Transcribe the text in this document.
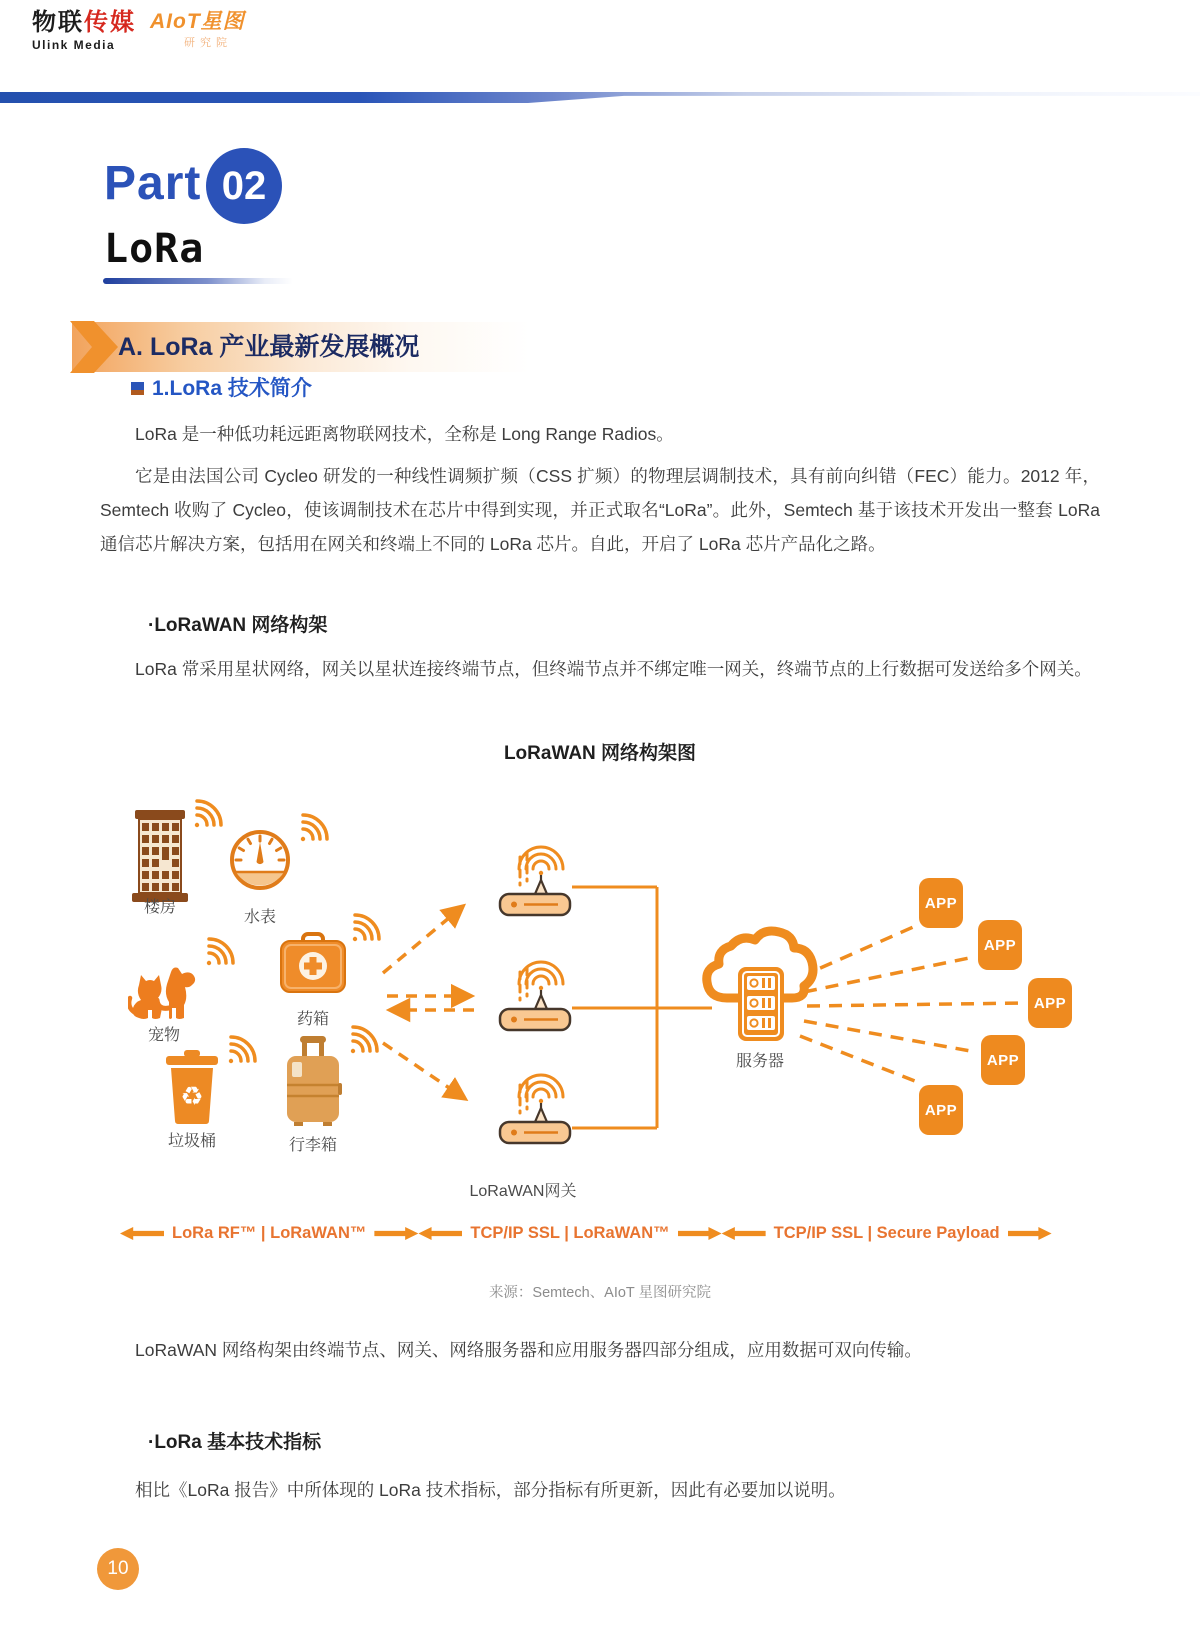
物联传媒
Ulink Media
AIoT星图
研究院
Part 02
LoRa
A. LoRa 产业最新发展概况
1.LoRa 技术简介
LoRa 是一种低功耗远距离物联网技术，全称是 Long Range Radios。
它是由法国公司 Cycleo 研发的一种线性调频扩频（CSS 扩频）的物理层调制技术，具有前向纠错（FEC）能力。2012 年，Semtech 收购了 Cycleo，使该调制技术在芯片中得到实现，并正式取名“LoRa”。此外，Semtech 基于该技术开发出一整套 LoRa 通信芯片解决方案，包括用在网关和终端上不同的 LoRa 芯片。自此，开启了 LoRa 芯片产品化之路。
·LoRaWAN 网络构架
LoRa 常采用星状网络，网关以星状连接终端节点，但终端节点并不绑定唯一网关，终端节点的上行数据可发送给多个网关。
LoRaWAN 网络构架图
楼房
水表
宠物
药箱
♻
垃圾桶	行李箱
LoRaWAN网关
服务器
APP
APP
APP
APP
APP
LoRa RF™ | LoRaWAN™	TCP/IP SSL | LoRaWAN™	TCP/IP SSL | Secure Payload
来源：Semtech、AIoT 星图研究院
LoRaWAN 网络构架由终端节点、网关、网络服务器和应用服务器四部分组成，应用数据可双向传输。
·LoRa 基本技术指标
相比《LoRa 报告》中所体现的 LoRa 技术指标，部分指标有所更新，因此有必要加以说明。
10
